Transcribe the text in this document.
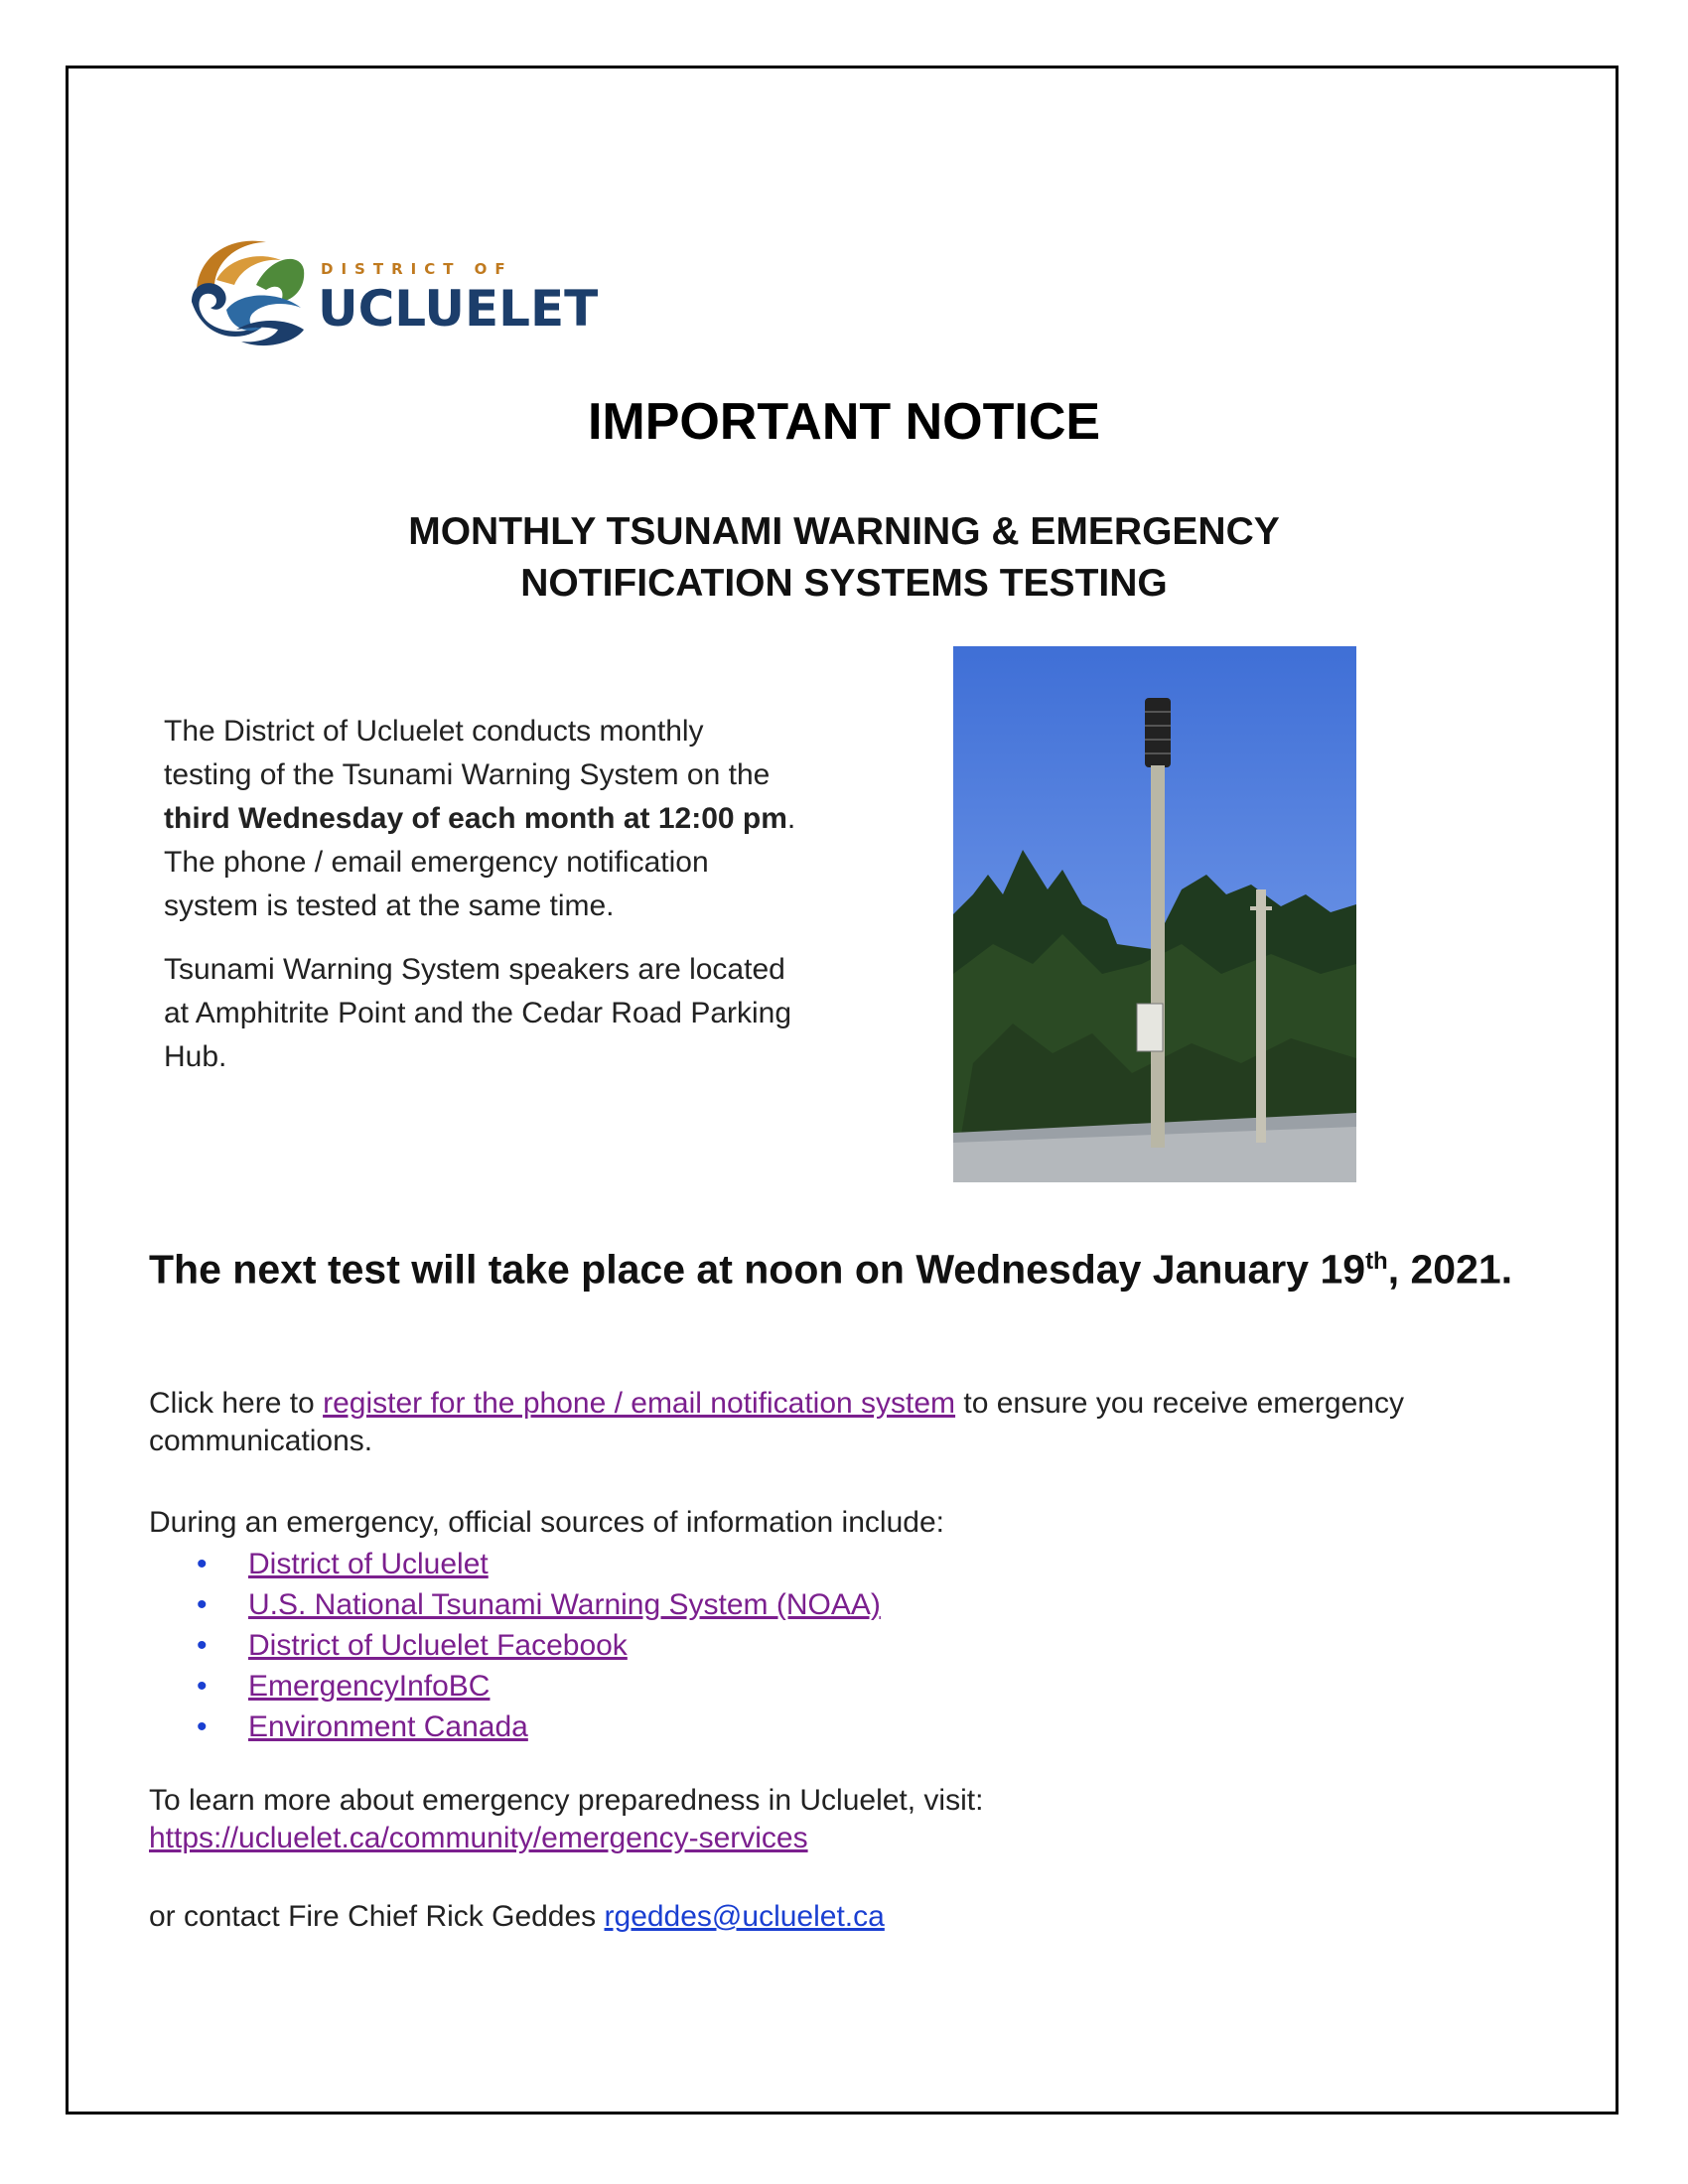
DISTRICT OF
UCLUELET
IMPORTANT NOTICE
MONTHLY TSUNAMI WARNING & EMERGENCY
NOTIFICATION SYSTEMS TESTING

The District of Ucluelet conducts monthly testing of the Tsunami Warning System on the third Wednesday of each month at 12:00 pm. The phone / email emergency notification system is tested at the same time.

Tsunami Warning System speakers are located at Amphitrite Point and the Cedar Road Parking Hub.

The next test will take place at noon on Wednesday January 19th, 2021.

Click here to register for the phone / email notification system to ensure you receive emergency communications.

During an emergency, official sources of information include:

• District of Ucluelet
• U.S. National Tsunami Warning System (NOAA)
• District of Ucluelet Facebook
• EmergencyInfoBC
• Environment Canada

To learn more about emergency preparedness in Ucluelet, visit:
https://ucluelet.ca/community/emergency-services

or contact Fire Chief Rick Geddes rgeddes@ucluelet.ca
